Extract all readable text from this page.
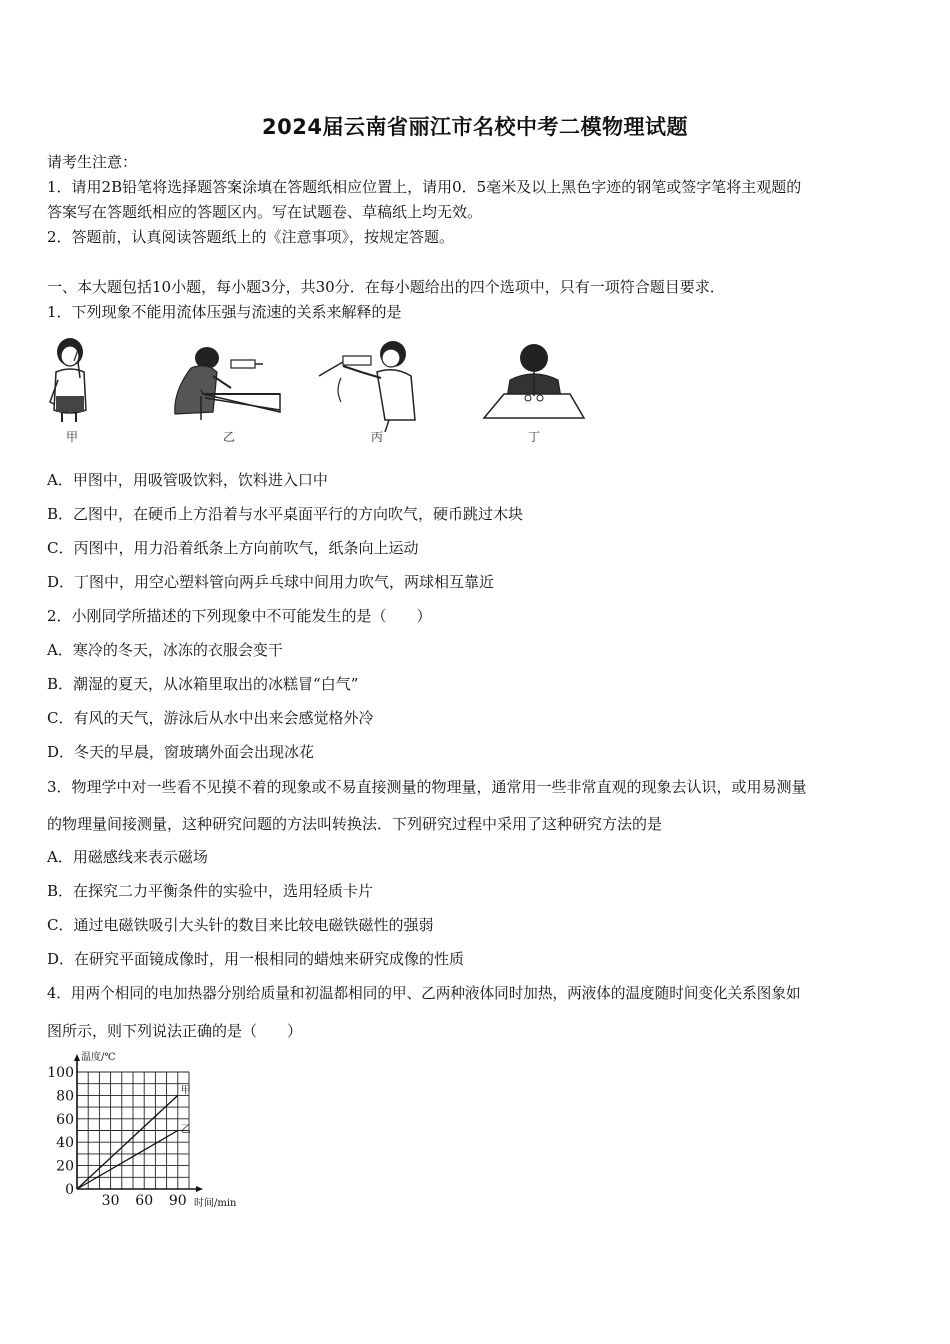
2024届云南省丽江市名校中考二模物理试题
请考生注意：
1．请用2B铅笔将选择题答案涂填在答题纸相应位置上，请用0．5毫米及以上黑色字迹的钢笔或签字笔将主观题的
答案写在答题纸相应的答题区内。写在试题卷、草稿纸上均无效。
2．答题前，认真阅读答题纸上的《注意事项》，按规定答题。
一、本大题包括10小题，每小题3分，共30分．在每小题给出的四个选项中，只有一项符合题目要求．
1．下列现象不能用流体压强与流速的关系来解释的是
甲	乙	丙	丁
A．甲图中，用吸管吸饮料，饮料进入口中
B．乙图中，在硬币上方沿着与水平桌面平行的方向吹气，硬币跳过木块
C．丙图中，用力沿着纸条上方向前吹气，纸条向上运动
D．丁图中，用空心塑料管向两乒乓球中间用力吹气，两球相互靠近
2．小刚同学所描述的下列现象中不可能发生的是（　　）
A．寒冷的冬天，冰冻的衣服会变干
B．潮湿的夏天，从冰箱里取出的冰糕冒“白气”
C．有风的天气，游泳后从水中出来会感觉格外冷
D．冬天的早晨，窗玻璃外面会出现冰花
3．物理学中对一些看不见摸不着的现象或不易直接测量的物理量，通常用一些非常直观的现象去认识，或用易测量
的物理量间接测量，这种研究问题的方法叫转换法．下列研究过程中采用了这种研究方法的是
A．用磁感线来表示磁场
B．在探究二力平衡条件的实验中，选用轻质卡片
C．通过电磁铁吸引大头针的数目来比较电磁铁磁性的强弱
D．在研究平面镜成像时，用一根相同的蜡烛来研究成像的性质
4．用两个相同的电加热器分别给质量和初温都相同的甲、乙两种液体同时加热，两液体的温度随时间变化关系图象如
图所示，则下列说法正确的是（　　）
0
20
40
60
80
100
30 60 90
温度/℃
时间/min
甲
乙
